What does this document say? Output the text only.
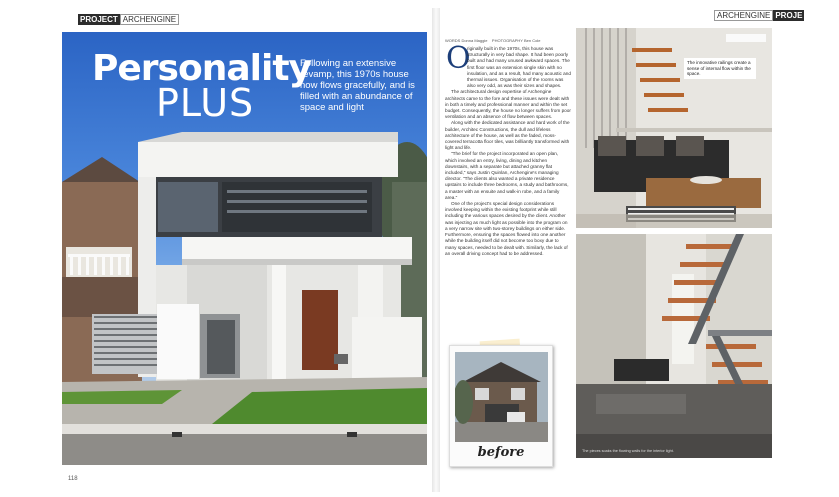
PROJECT ARCHENGINE	ARCHENGINE PROJE
Personality
PLUS
Following an extensive revamp, this 1970s house now flows gracefully, and is filled with an abundance of space and light
118
WORDS Donna Maggie PHOTOGRAPHY Ben Cole
O

riginally built in the 1970s, this house was structurally in very bad shape. It had been poorly built and had many unused awkward spaces. The first floor was an extension single skin with no insulation, and as a result, had many acoustic and thermal issues. Organisation of the rooms was also very odd, as was their sizes and shapes.

The architectural design expertise of Archengine architects came to the fore and these issues were dealt with in both a timely and professional manner and within the set budget. Consequently, the house no longer suffers from poor ventilation and an absence of flow between spaces.

Along with the dedicated assistance and hard work of the builder, Architec Constructions, the dull and lifeless architecture of the house, as well as the faded, moss-covered terracotta floor tiles, was brilliantly transformed with light and life.

"The brief for the project incorporated an open plan, which involved an entry, living, dining and kitchen downstairs, with a separate but attached granny flat included," says Justin Quinlan, Archengine's managing director. "The clients also wanted a private residence upstairs to include three bedrooms, a study and bathrooms, a master with an ensuite and walk-in robe, and a family area."

One of the project's special design considerations involved keeping within the existing footprint while still including the various spaces desired by the client. Another was injecting as much light as possible into the program on a very narrow site with two-storey buildings on either side. Furthermore, ensuring the spaces flowed into one another while the building itself did not become too boxy due to many spaces, needed to be dealt with. Similarly, the lack of an overall driving concept had to be addressed.

before
The innovative railings create a sense of internal flow within the space.
The pieces soaks the flowing walls for the interior light.
